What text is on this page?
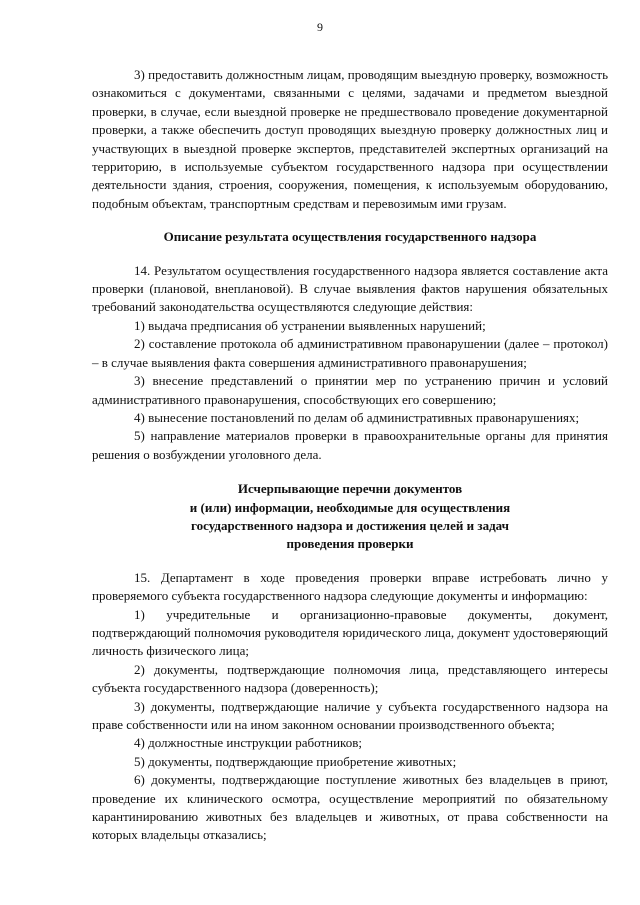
9

3) предоставить должностным лицам, проводящим выездную проверку, возможность ознакомиться с документами, связанными с целями, задачами и предметом выездной проверки, в случае, если выездной проверке не предшествовало проведение документарной проверки, а также обеспечить доступ проводящих выездную проверку должностных лиц и участвующих в выездной проверке экспертов, представителей экспертных организаций на территорию, в используемые субъектом государственного надзора при осуществлении деятельности здания, строения, сооружения, помещения, к используемым оборудованию, подобным объектам, транспортным средствам и перевозимым ими грузам.

Описание результата осуществления государственного надзора

14. Результатом осуществления государственного надзора является составление акта проверки (плановой, внеплановой). В случае выявления фактов нарушения обязательных требований законодательства осуществляются следующие действия:

1) выдача предписания об устранении выявленных нарушений;

2) составление протокола об административном правонарушении (далее – протокол) – в случае выявления факта совершения административного правонарушения;

3) внесение представлений о принятии мер по устранению причин и условий административного правонарушения, способствующих его совершению;

4) вынесение постановлений по делам об административных правонарушениях;

5) направление материалов проверки в правоохранительные органы для принятия решения о возбуждении уголовного дела.

Исчерпывающие перечни документов
и (или) информации, необходимые для осуществления
государственного надзора и достижения целей и задач
проведения проверки

15. Департамент в ходе проведения проверки вправе истребовать лично у проверяемого субъекта государственного надзора следующие документы и информацию:

1) учредительные и организационно-правовые документы, документ, подтверждающий полномочия руководителя юридического лица, документ удостоверяющий личность физического лица;

2) документы, подтверждающие полномочия лица, представляющего интересы субъекта государственного надзора (доверенность);

3) документы, подтверждающие наличие у субъекта государственного надзора на праве собственности или на ином законном основании производственного объекта;

4) должностные инструкции работников;

5) документы, подтверждающие приобретение животных;

6) документы, подтверждающие поступление животных без владельцев в приют, проведение их клинического осмотра, осуществление мероприятий по обязательному карантинированию животных без владельцев и животных, от права собственности на которых владельцы отказались;
